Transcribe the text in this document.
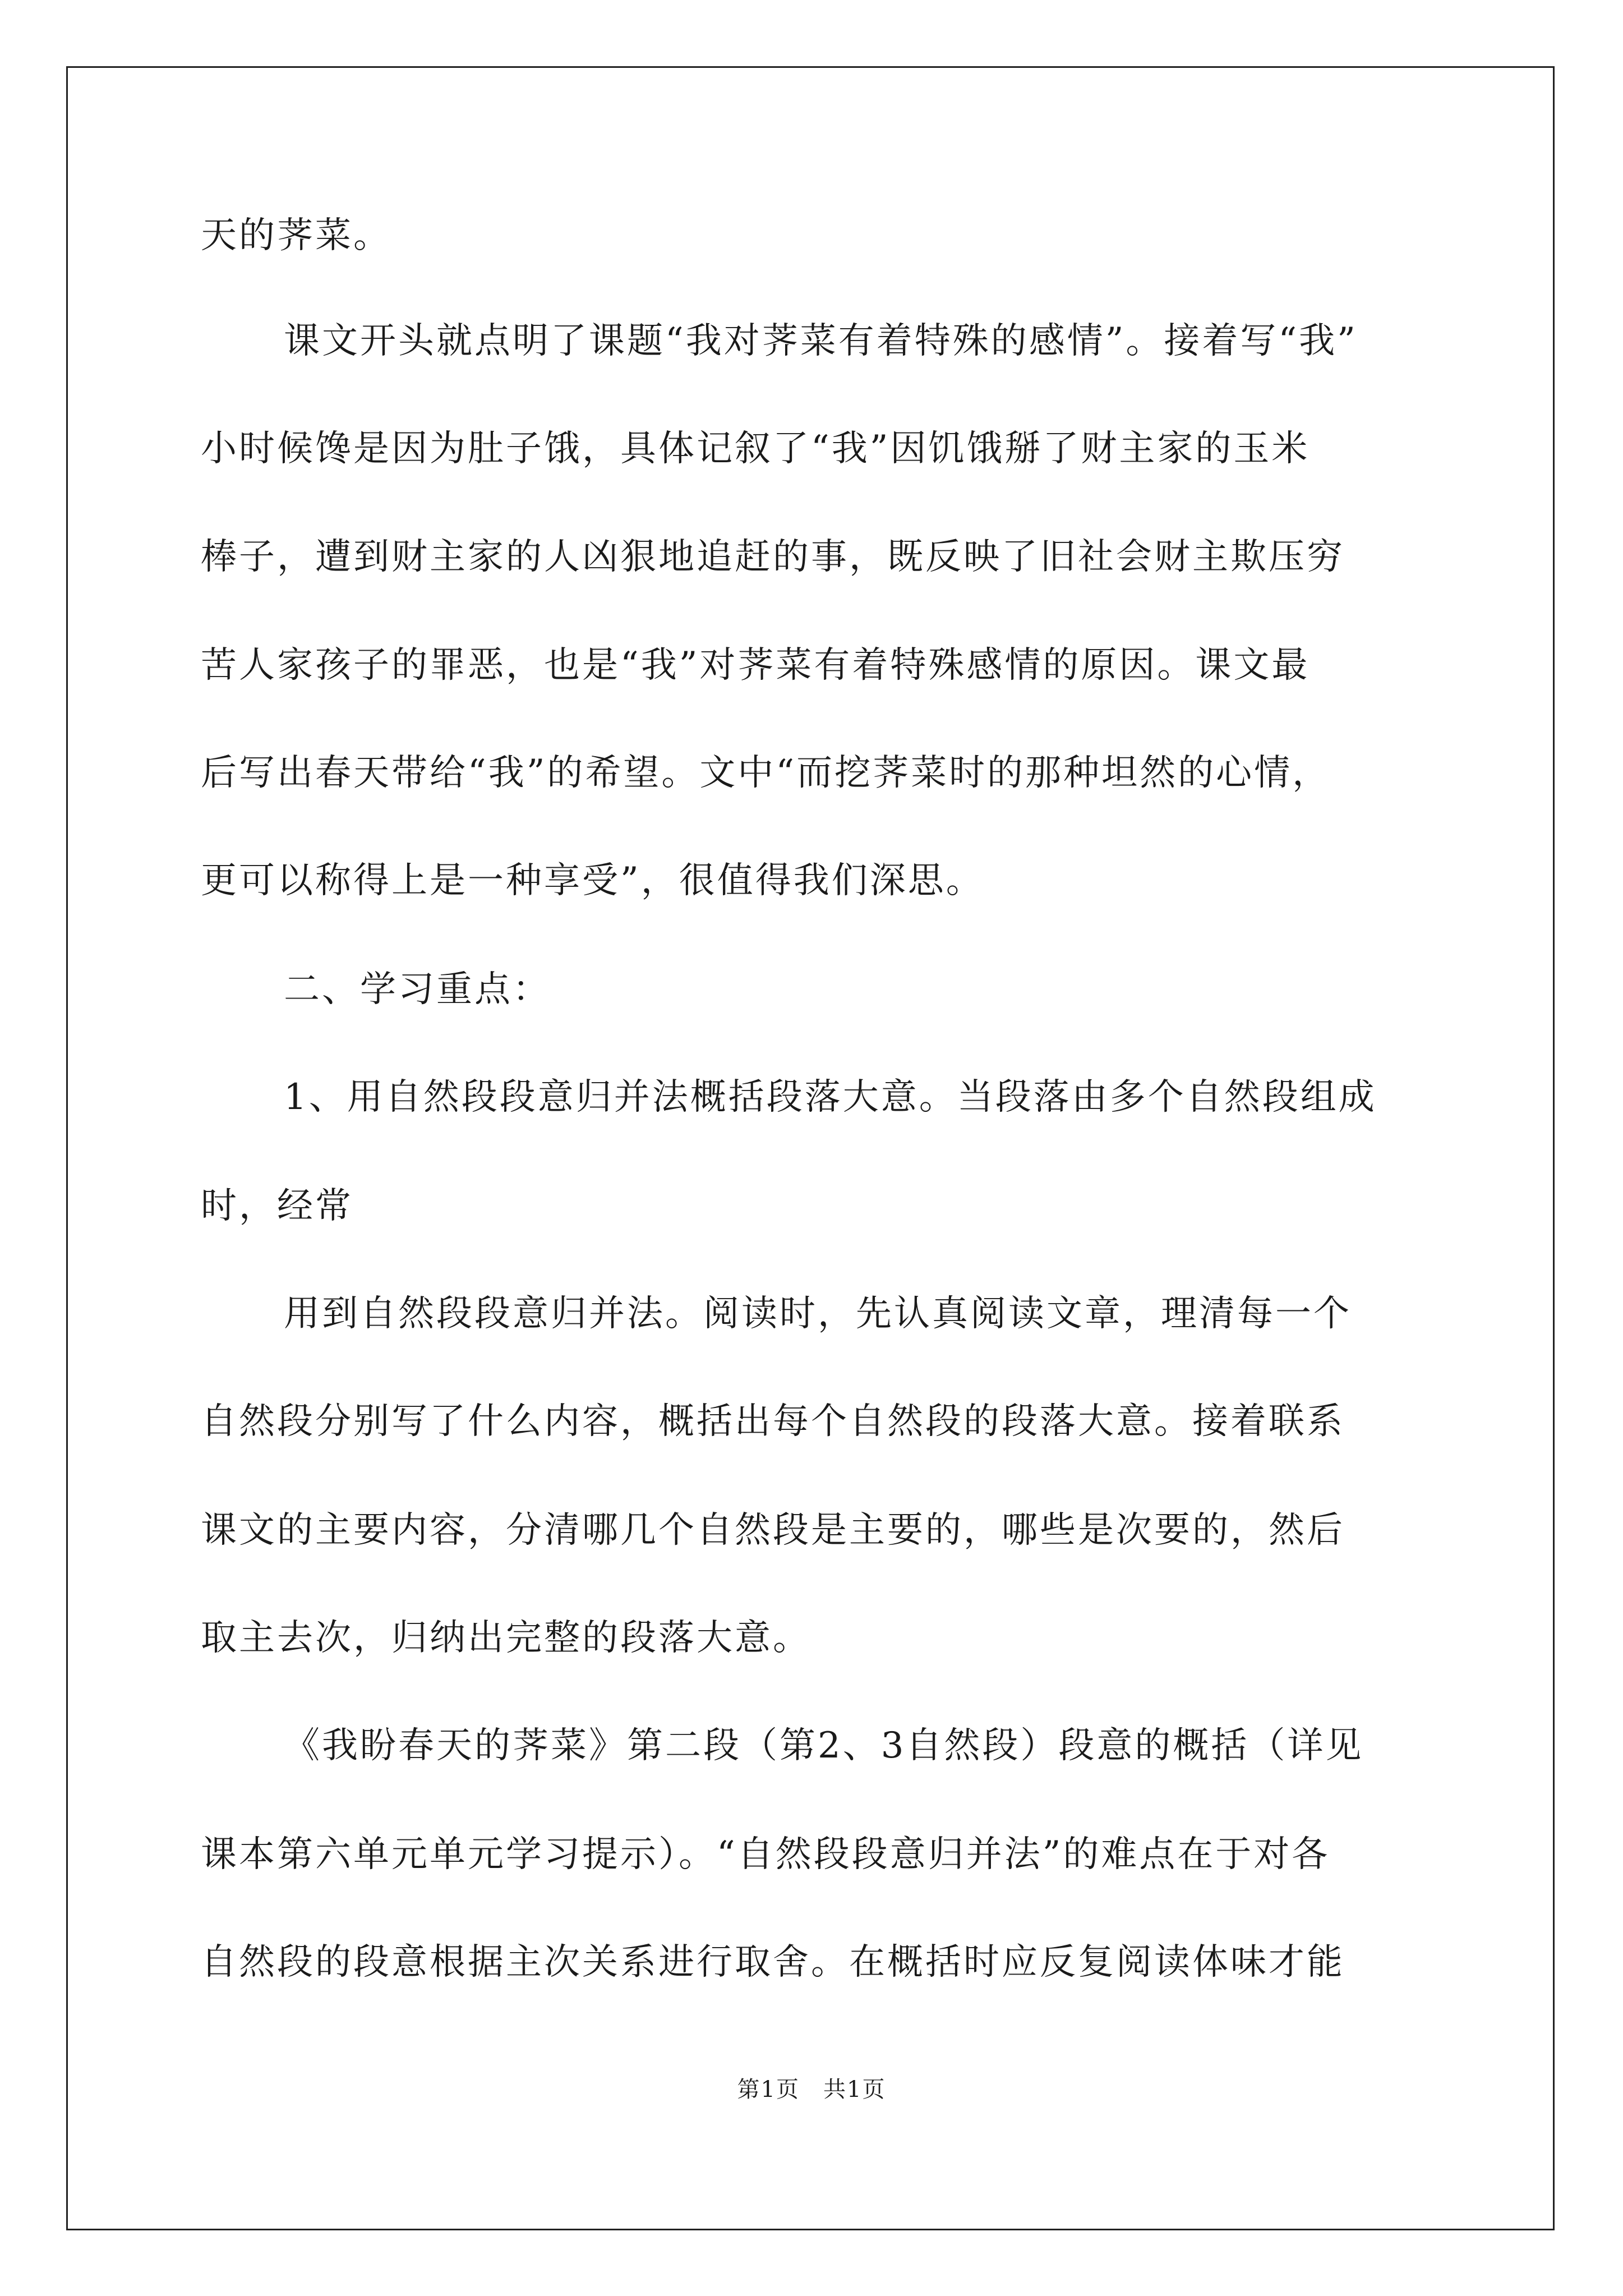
天的荠菜。
课文开头就点明了课题“我对荠菜有着特殊的感情”。接着写“我”
小时候馋是因为肚子饿，具体记叙了“我”因饥饿掰了财主家的玉米
棒子，遭到财主家的人凶狠地追赶的事，既反映了旧社会财主欺压穷
苦人家孩子的罪恶，也是“我”对荠菜有着特殊感情的原因。课文最
后写出春天带给“我”的希望。文中“而挖荠菜时的那种坦然的心情，
更可以称得上是一种享受”，很值得我们深思。
二、学习重点：
1、用自然段段意归并法概括段落大意。当段落由多个自然段组成
时，经常
用到自然段段意归并法。阅读时，先认真阅读文章，理清每一个
自然段分别写了什么内容，概括出每个自然段的段落大意。接着联系
课文的主要内容，分清哪几个自然段是主要的，哪些是次要的，然后
取主去次，归纳出完整的段落大意。
《我盼春天的荠菜》第二段（第2、3自然段）段意的概括（详见
课本第六单元单元学习提示）。“自然段段意归并法”的难点在于对各
自然段的段意根据主次关系进行取舍。在概括时应反复阅读体味才能
第1页　共1页
